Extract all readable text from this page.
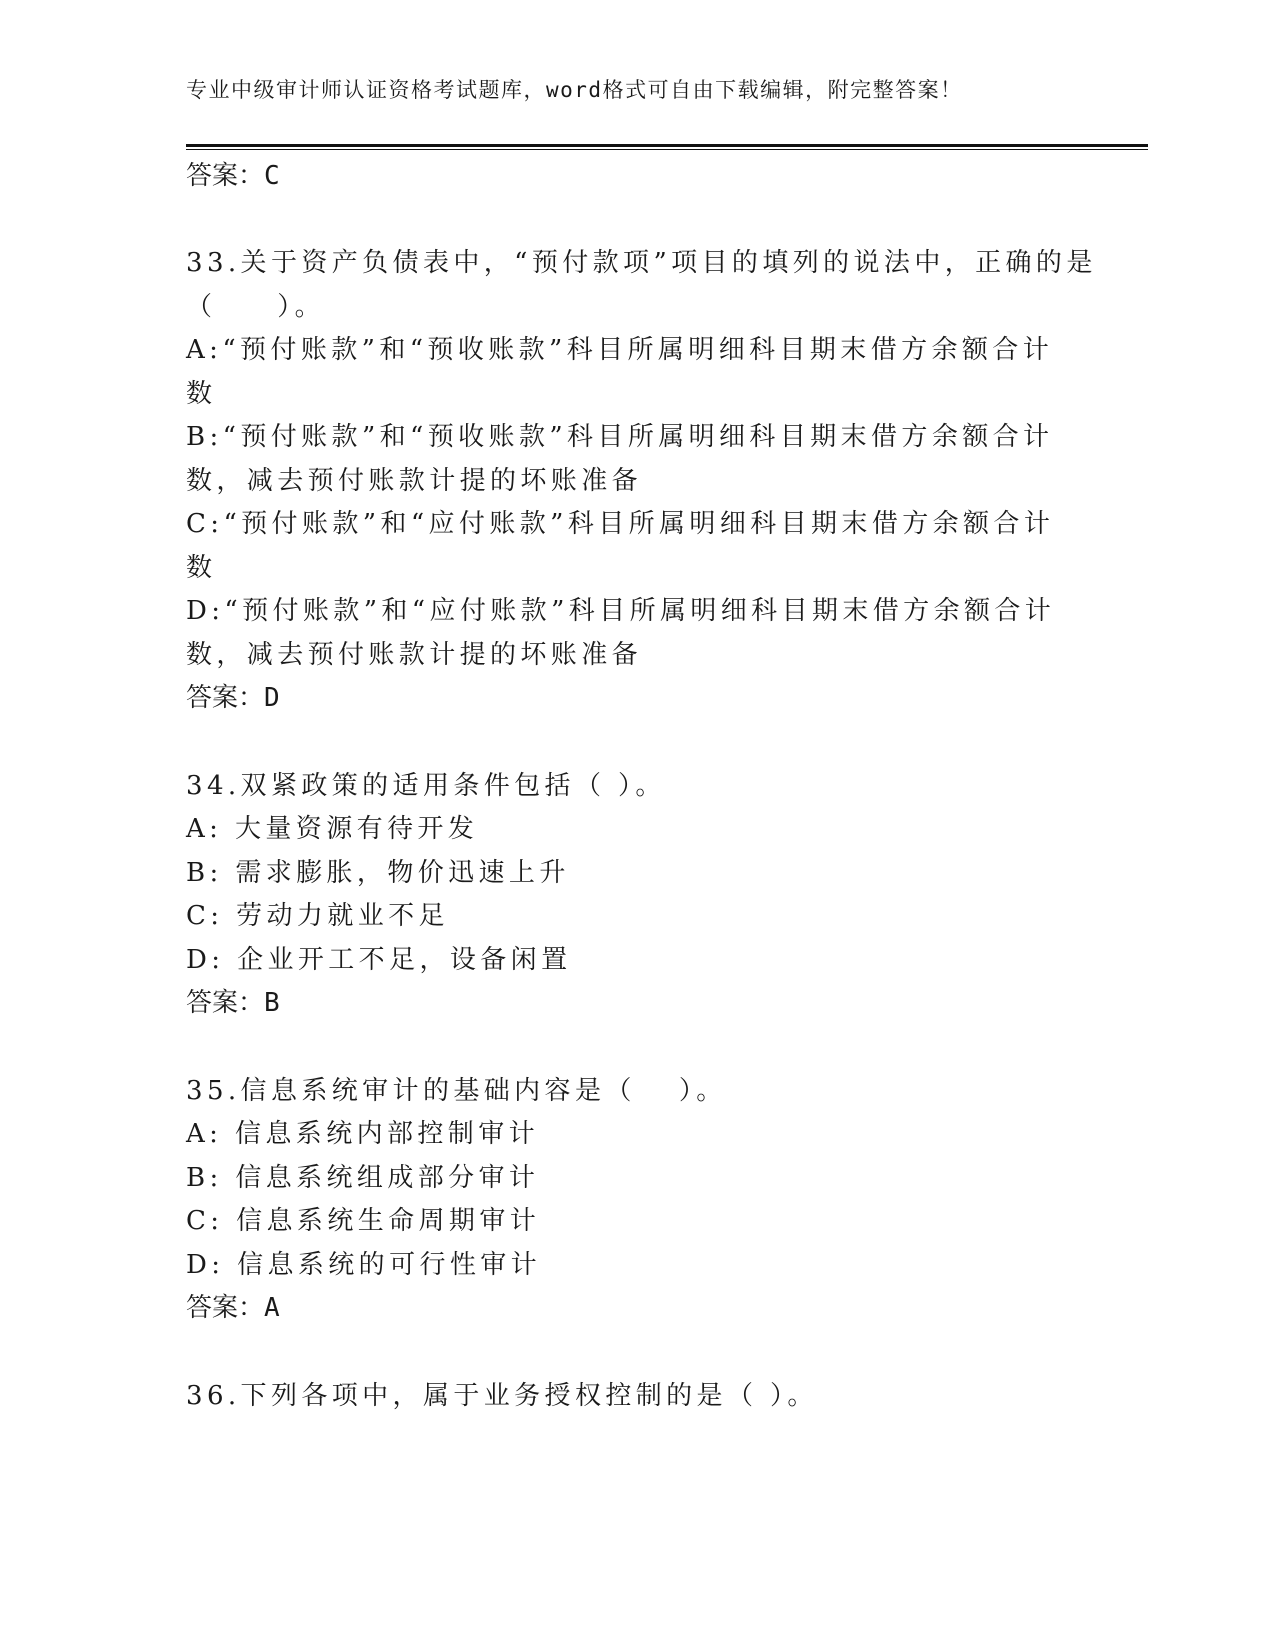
专业中级审计师认证资格考试题库，word格式可自由下载编辑，附完整答案！
答案：C
33.关于资产负债表中，“预付款项”项目的填列的说法中，正确的是
（　　）。
A:“预付账款”和“预收账款”科目所属明细科目期末借方余额合计
数
B:“预付账款”和“预收账款”科目所属明细科目期末借方余额合计
数，减去预付账款计提的坏账准备
C:“预付账款”和“应付账款”科目所属明细科目期末借方余额合计
数
D:“预付账款”和“应付账款”科目所属明细科目期末借方余额合计
数，减去预付账款计提的坏账准备
答案：D
34.双紧政策的适用条件包括（ ）。
A: 大量资源有待开发
B: 需求膨胀，物价迅速上升
C: 劳动力就业不足
D: 企业开工不足，设备闲置
答案：B
35.信息系统审计的基础内容是（　 ）。
A: 信息系统内部控制审计
B: 信息系统组成部分审计
C: 信息系统生命周期审计
D: 信息系统的可行性审计
答案：A
36.下列各项中，属于业务授权控制的是（ ）。
